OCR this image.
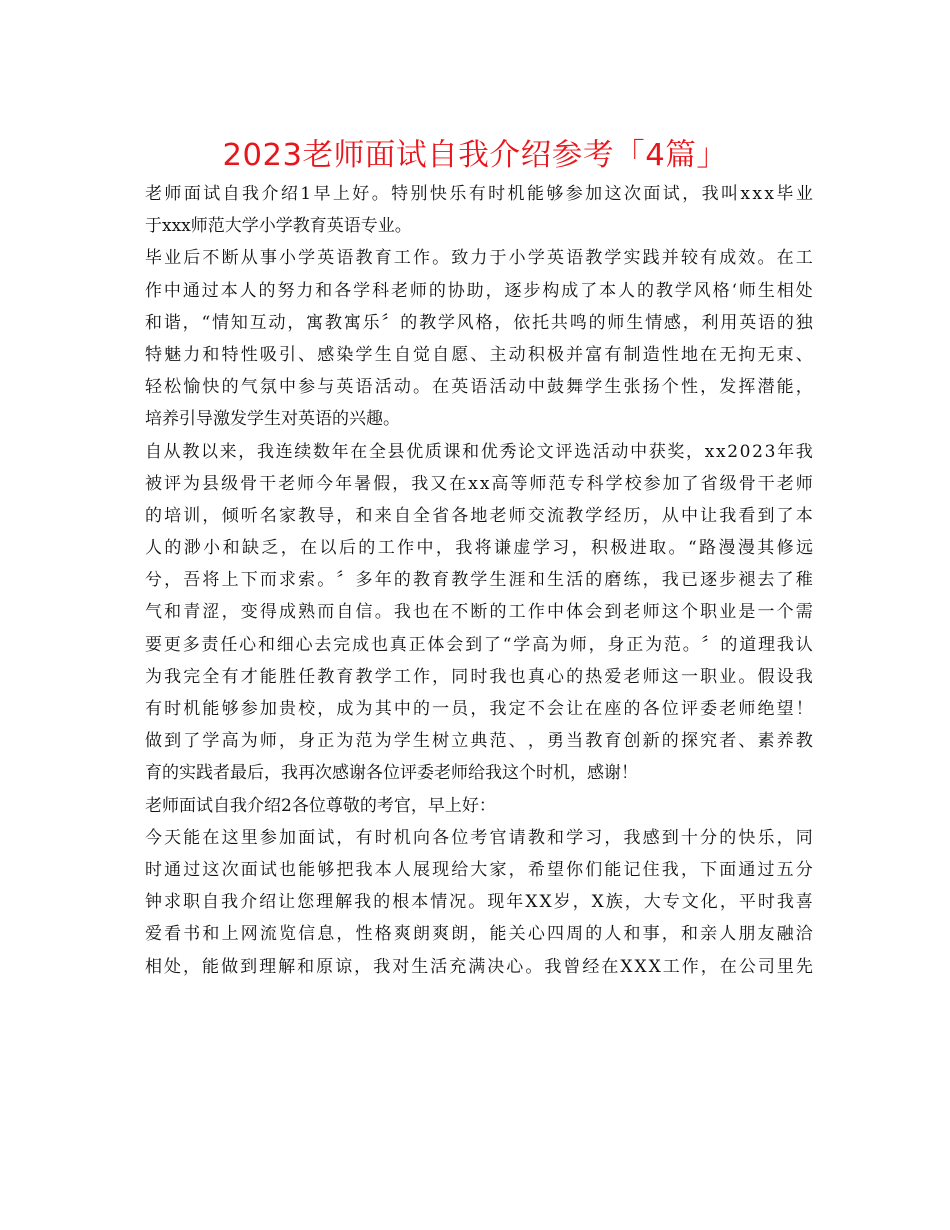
2023老师面试自我介绍参考「4篇」
老 师 面 试 自 我 介 绍 1 早 上 好 。 特 别 快 乐 有 时 机 能 够 参 加 这 次 面 试 ， 我 叫 x x x 毕 业
于xxx师范大学小学教育英语专业。
毕 业 后 不 断 从 事 小 学 英 语 教 育 工 作 。 致 力 于 小 学 英 语 教 学 实 践 并 较 有 成 效 。 在 工
作 中 通 过 本 人 的 努 力 和 各 学 科 老 师 的 协 助 ， 逐 步 构 成 了 本 人 的 教 学 风 格 ‘ 师 生 相 处
和 谐 ， “ 情 知 互 动 ， 寓 教 寓 乐 〞 的 教 学 风 格 ， 依 托 共 鸣 的 师 生 情 感 ， 利 用 英 语 的 独
特 魅 力 和 特 性 吸 引 、 感 染 学 生 自 觉 自 愿 、 主 动 积 极 并 富 有 制 造 性 地 在 无 拘 无 束 、
轻 松 愉 快 的 气 氛 中 参 与 英 语 活 动 。 在 英 语 活 动 中 鼓 舞 学 生 张 扬 个 性 ， 发 挥 潜 能 ，
培养引导激发学生对英语的兴趣。
自 从 教 以 来 ， 我 连 续 数 年 在 全 县 优 质 课 和 优 秀 论 文 评 选 活 动 中 获 奖 ， x x 2 0 2 3 年 我
被 评 为 县 级 骨 干 老 师 今 年 暑 假 ， 我 又 在 x x 高 等 师 范 专 科 学 校 参 加 了 省 级 骨 干 老 师
的 培 训 ， 倾 听 名 家 教 导 ， 和 来 自 全 省 各 地 老 师 交 流 教 学 经 历 ， 从 中 让 我 看 到 了 本
人 的 渺 小 和 缺 乏 ， 在 以 后 的 工 作 中 ， 我 将 谦 虚 学 习 ， 积 极 进 取 。 “ 路 漫 漫 其 修 远
兮 ， 吾 将 上 下 而 求 索 。 〞 多 年 的 教 育 教 学 生 涯 和 生 活 的 磨 练 ， 我 已 逐 步 褪 去 了 稚
气 和 青 涩 ， 变 得 成 熟 而 自 信 。 我 也 在 不 断 的 工 作 中 体 会 到 老 师 这 个 职 业 是 一 个 需
要 更 多 责 任 心 和 细 心 去 完 成 也 真 正 体 会 到 了 “ 学 高 为 师 ， 身 正 为 范 。 〞 的 道 理 我 认
为 我 完 全 有 才 能 胜 任 教 育 教 学 工 作 ， 同 时 我 也 真 心 的 热 爱 老 师 这 一 职 业 。 假 设 我
有 时 机 能 够 参 加 贵 校 ， 成 为 其 中 的 一 员 ， 我 定 不 会 让 在 座 的 各 位 评 委 老 师 绝 望 ！
做 到 了 学 高 为 师 ， 身 正 为 范 为 学 生 树 立 典 范 、 ， 勇 当 教 育 创 新 的 探 究 者 、 素 养 教
育的实践者最后，我再次感谢各位评委老师给我这个时机，感谢！
老师面试自我介绍2各位尊敬的考官，早上好：
今 天 能 在 这 里 参 加 面 试 ， 有 时 机 向 各 位 考 官 请 教 和 学 习 ， 我 感 到 十 分 的 快 乐 ， 同
时 通 过 这 次 面 试 也 能 够 把 我 本 人 展 现 给 大 家 ， 希 望 你 们 能 记 住 我 ， 下 面 通 过 五 分
钟 求 职 自 我 介 绍 让 您 理 解 我 的 根 本 情 况 。 现 年 X X 岁 ， X 族 ， 大 专 文 化 ， 平 时 我 喜
爱 看 书 和 上 网 流 览 信 息 ， 性 格 爽 朗 爽 朗 ， 能 关 心 四 周 的 人 和 事 ， 和 亲 人 朋 友 融 洽
相 处 ， 能 做 到 理 解 和 原 谅 ， 我 对 生 活 充 满 决 心 。 我 曾 经 在 X X X 工 作 ， 在 公 司 里 先
